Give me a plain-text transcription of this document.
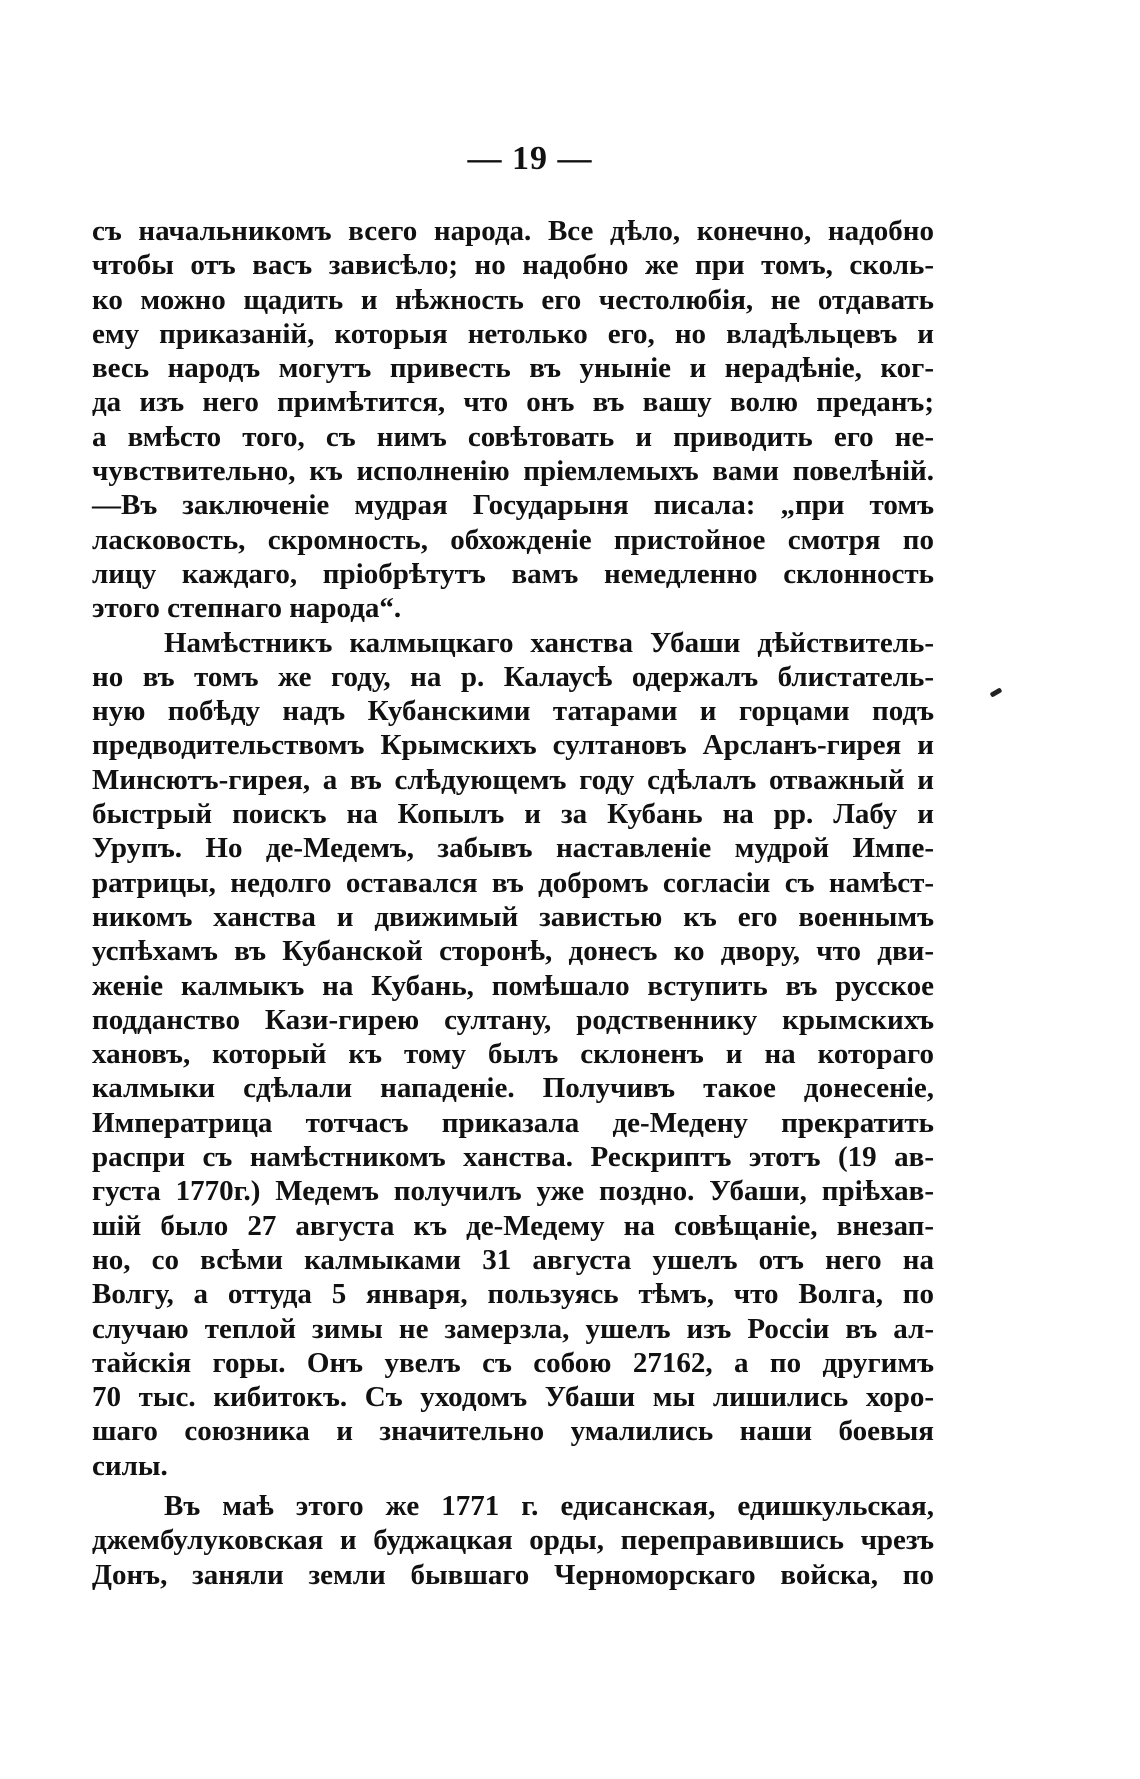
— 19 —
съ начальникомъ всего народа. Все дѣло, конечно, надобно
чтобы отъ васъ зависѣло; но надобно же при томъ, сколь-
ко можно щадить и нѣжность его честолюбія, не отдавать
ему приказаній, которыя нетолько его, но владѣльцевъ и
весь народъ могутъ привесть въ уныніе и нерадѣніе, ког-
да изъ него примѣтится, что онъ въ вашу волю преданъ;
а вмѣсто того, съ нимъ совѣтовать и приводить его не-
чувствительно, къ исполненію пріемлемыхъ вами повелѣній.
—Въ заключеніе мудрая Государыня писала: „при томъ
ласковость, скромность, обхожденіе пристойное смотря по
лицу каждаго, пріобрѣтутъ вамъ немедленно склонность
этого степнаго народа“.
Намѣстникъ калмыцкаго ханства Убаши дѣйствитель-
но въ томъ же году, на р. Калаусѣ одержалъ блистатель-
ную побѣду надъ Кубанскими татарами и горцами подъ
предводительствомъ Крымскихъ султановъ Арсланъ-гирея и
Минсютъ-гирея, а въ слѣдующемъ году сдѣлалъ отважный и
быстрый поискъ на Копылъ и за Кубань на рр. Лабу и
Урупъ. Но де-Медемъ, забывъ наставленіе мудрой Импе-
ратрицы, недолго оставался въ добромъ согласіи съ намѣст-
никомъ ханства и движимый завистью къ его военнымъ
успѣхамъ въ Кубанской сторонѣ, донесъ ко двору, что дви-
женіе калмыкъ на Кубань, помѣшало вступить въ русское
подданство Кази-гирею султану, родственнику крымскихъ
хановъ, который къ тому былъ склоненъ и на котораго
калмыки сдѣлали нападеніе. Получивъ такое донесеніе,
Императрица тотчасъ приказала де-Медену прекратить
распри съ намѣстникомъ ханства. Рескриптъ этотъ (19 ав-
густа 1770г.) Медемъ получилъ уже поздно. Убаши, пріѣхав-
шій было 27 августа къ де-Медему на совѣщаніе, внезап-
но, со всѣми калмыками 31 августа ушелъ отъ него на
Волгу, а оттуда 5 января, пользуясь тѣмъ, что Волга, по
случаю теплой зимы не замерзла, ушелъ изъ Россіи въ ал-
тайскія горы. Онъ увелъ съ собою 27162, а по другимъ
70 тыс. кибитокъ. Съ уходомъ Убаши мы лишились хоро-
шаго союзника и значительно умалились наши боевыя
силы.
Въ маѣ этого же 1771 г. едисанская, едишкульская,
джембулуковская и буджацкая орды, переправившись чрезъ
Донъ, заняли земли бывшаго Черноморскаго войска, по
